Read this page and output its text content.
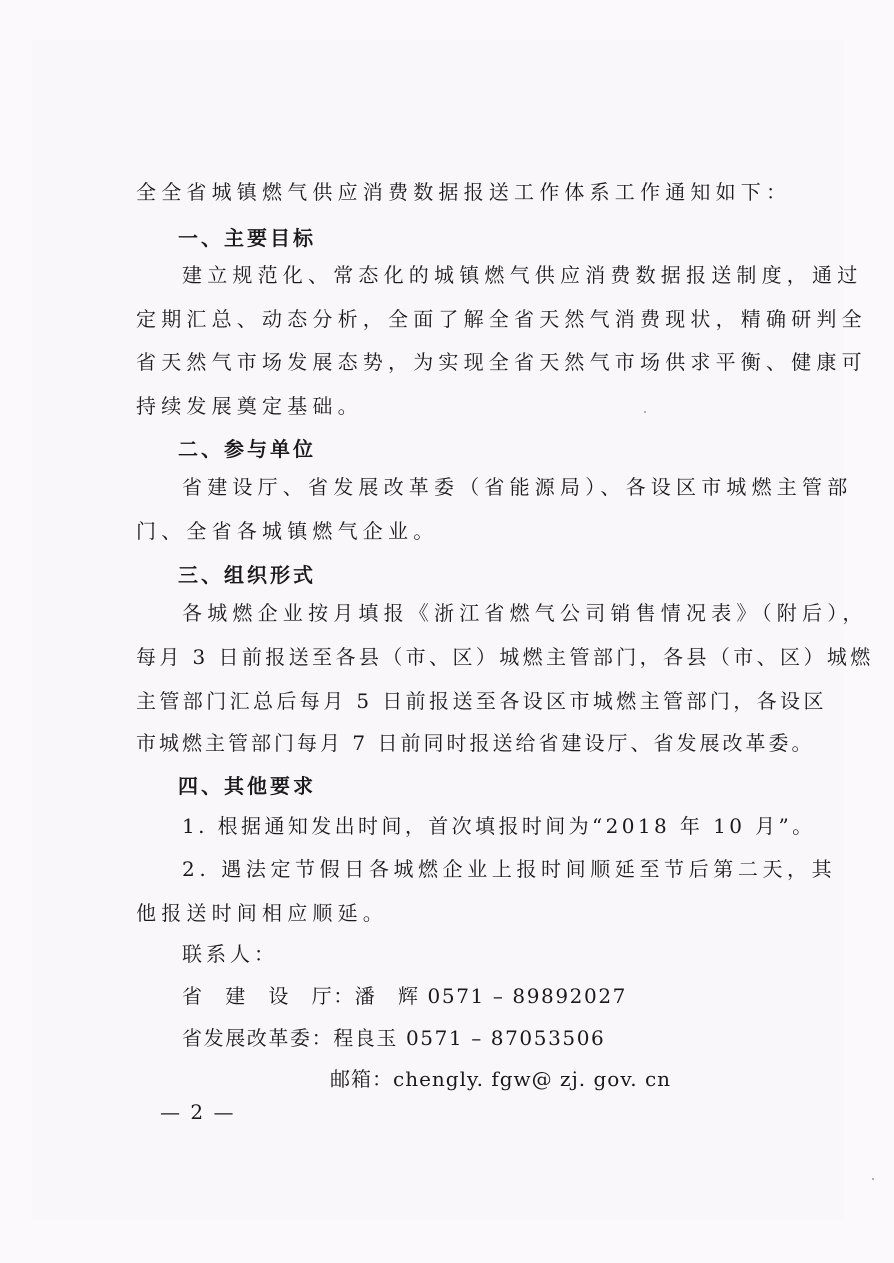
全全省城镇燃气供应消费数据报送工作体系工作通知如下：
一、主要目标
建立规范化、常态化的城镇燃气供应消费数据报送制度，通过
定期汇总、动态分析，全面了解全省天然气消费现状，精确研判全
省天然气市场发展态势，为实现全省天然气市场供求平衡、健康可
持续发展奠定基础。
二、参与单位
省建设厅、省发展改革委（省能源局）、各设区市城燃主管部
门、全省各城镇燃气企业。
三、组织形式
各城燃企业按月填报《浙江省燃气公司销售情况表》（附后），
每月 3 日前报送至各县（市、区）城燃主管部门，各县（市、区）城燃
主管部门汇总后每月 5 日前报送至各设区市城燃主管部门，各设区
市城燃主管部门每月 7 日前同时报送给省建设厅、省发展改革委。
四、其他要求
1. 根据通知发出时间，首次填报时间为“2018 年 10 月”。
2. 遇法定节假日各城燃企业上报时间顺延至节后第二天，其
他报送时间相应顺延。
联系人：
省　建　设　厅：潘　辉 0571 – 89892027
省发展改革委：程良玉 0571 – 87053506
邮箱：chengly. fgw@ zj. gov. cn
— 2 —
